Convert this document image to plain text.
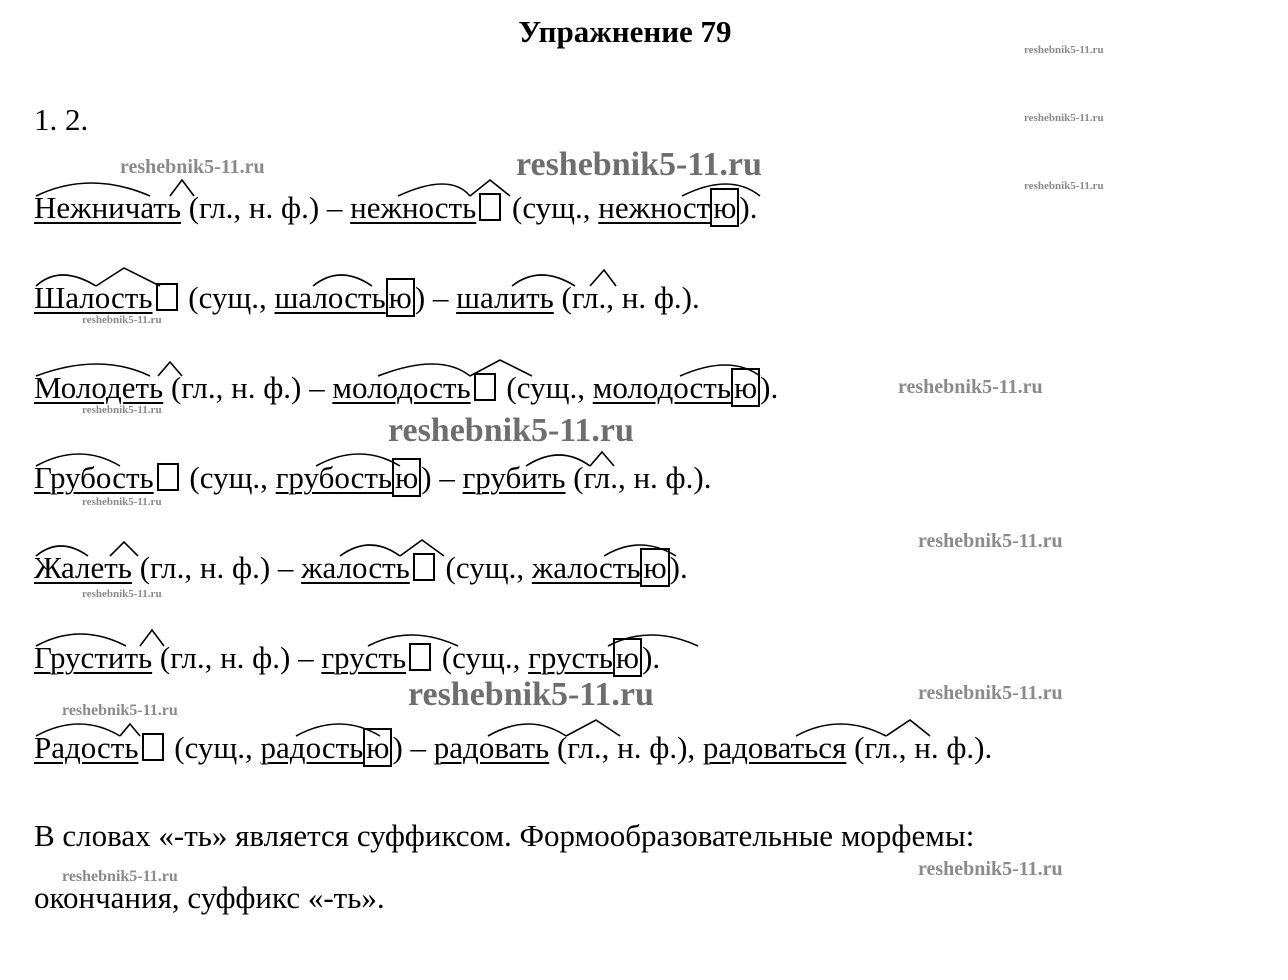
Упражнение 79
1. 2.
Нежничать (гл., н. ф.) – нежность (сущ., нежностю).
Шалость (сущ., шалостью) – шалить (гл., н. ф.).
Молодеть (гл., н. ф.) – молодость (сущ., молодостью).
Грубость (сущ., грубостью) – грубить (гл., н. ф.).
Жалеть (гл., н. ф.) – жалость (сущ., жалостью).
Грустить (гл., н. ф.) – грусть (сущ., грустью).
Радость (сущ., радостью) – радовать (гл., н. ф.), радоваться (гл., н. ф.).
В словах «-ть» является суффиксом. Формообразовательные морфемы:
окончания, суффикс «-ть».
reshebnik5-11.ru
reshebnik5-11.ru
reshebnik5-11.ru
reshebnik5-11.ru	reshebnik5-11.ru
reshebnik5-11.ru
reshebnik5-11.ru
reshebnik5-11.ru
reshebnik5-11.ru
reshebnik5-11.ru
reshebnik5-11.ru
reshebnik5-11.ru
reshebnik5-11.ru	reshebnik5-11.ru
reshebnik5-11.ru
reshebnik5-11.ru	reshebnik5-11.ru
